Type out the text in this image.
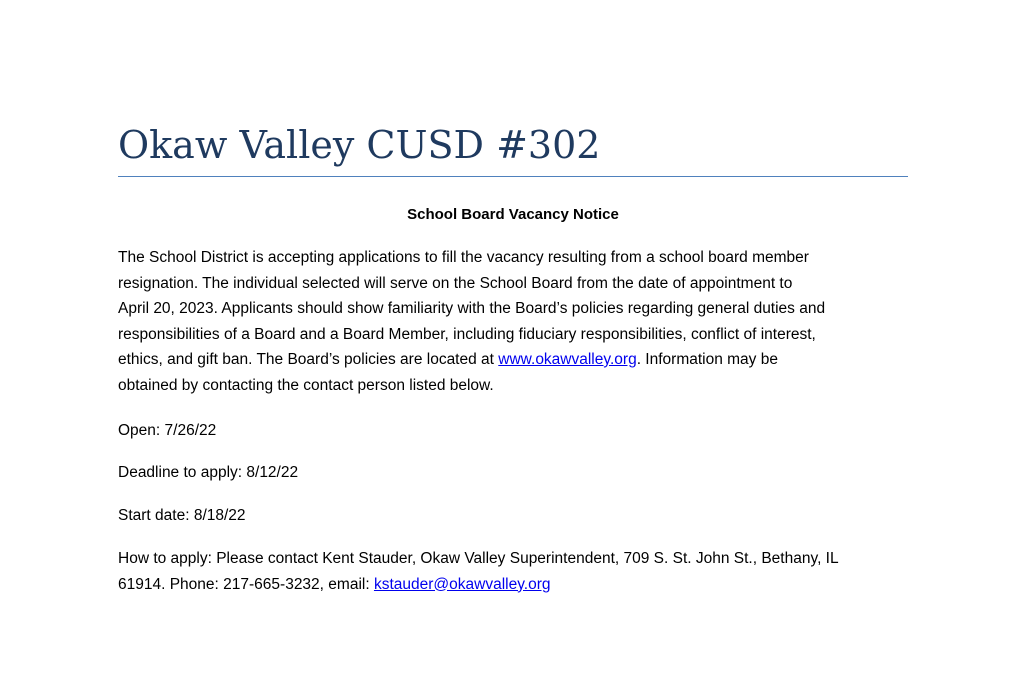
Okaw Valley CUSD #302
School Board Vacancy Notice

The School District is accepting applications to fill the vacancy resulting from a school board member
resignation. The individual selected will serve on the School Board from the date of appointment to
April 20, 2023. Applicants should show familiarity with the Board’s policies regarding general duties and
responsibilities of a Board and a Board Member, including fiduciary responsibilities, conflict of interest,
ethics, and gift ban. The Board’s policies are located at www.okawvalley.org. Information may be
obtained by contacting the contact person listed below.

Open: 7/26/22

Deadline to apply: 8/12/22

Start date: 8/18/22

How to apply: Please contact Kent Stauder, Okaw Valley Superintendent, 709 S. St. John St., Bethany, IL
61914. Phone: 217-665-3232, email: kstauder@okawvalley.org
